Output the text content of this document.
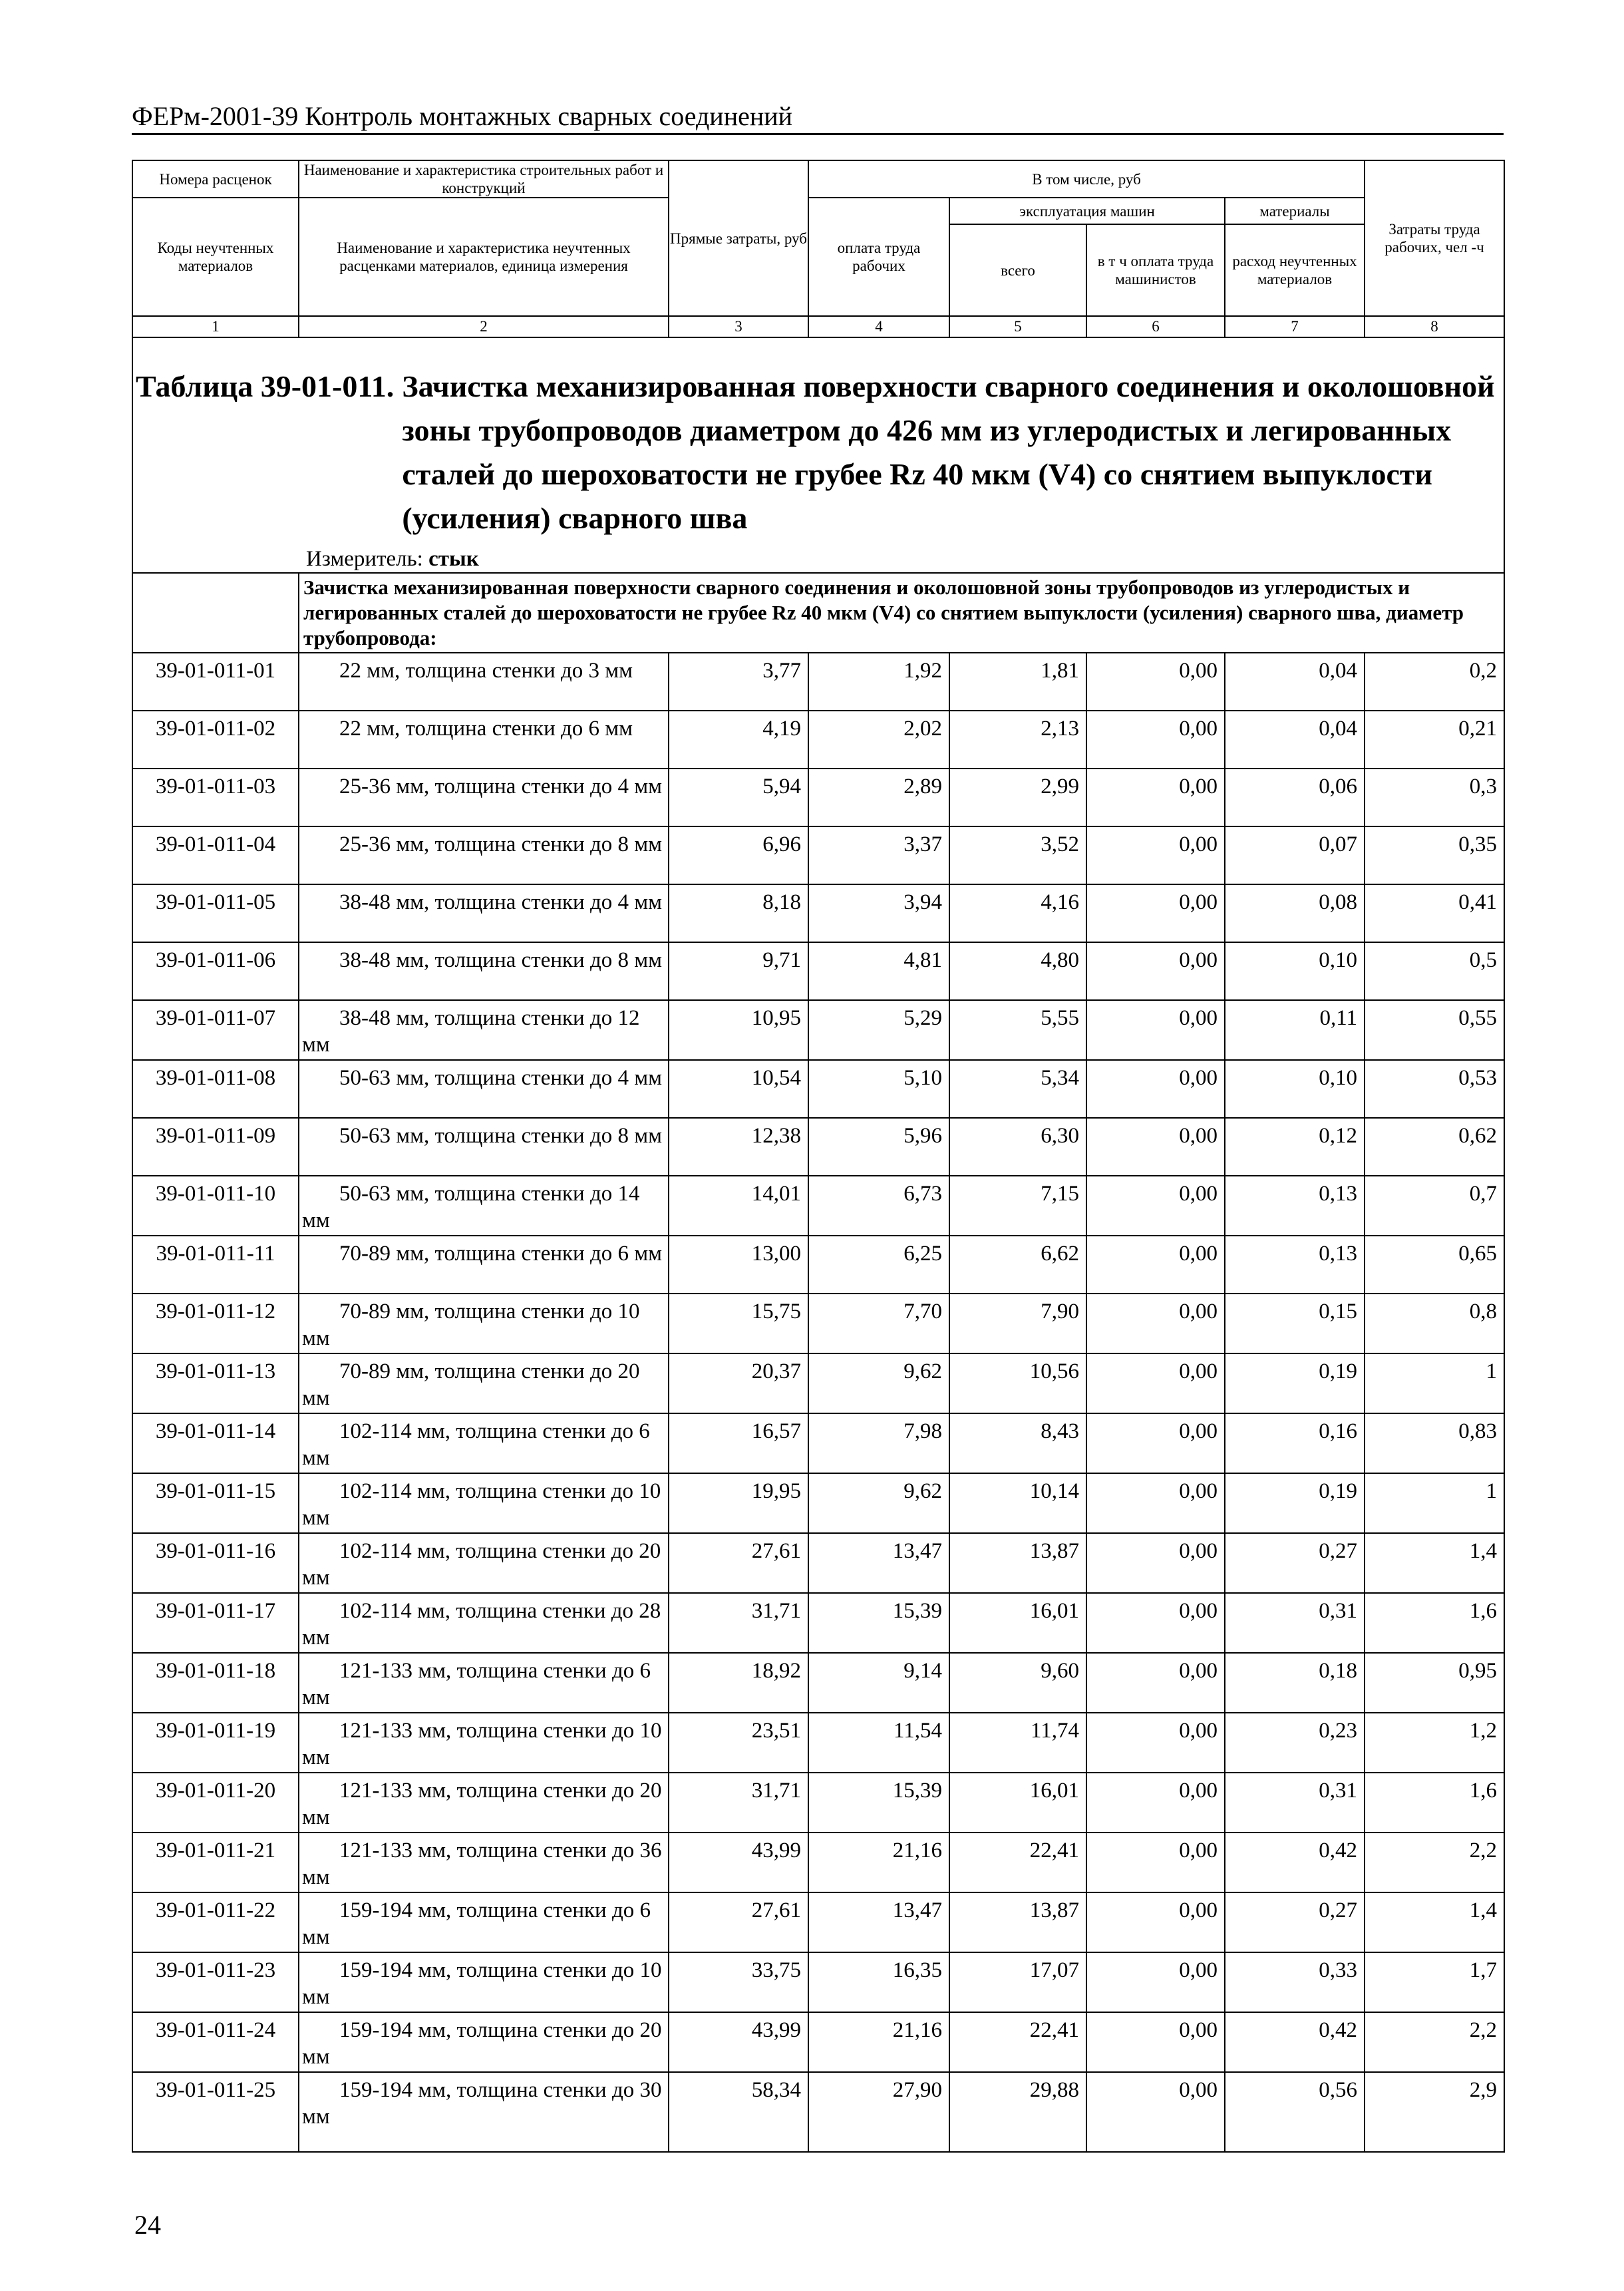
ФЕРм-2001-39 Контроль монтажных сварных соединений
Номера расценок	Наименование и характеристика строительных работ и конструкций	Прямые затраты, руб	В том числе, руб				Затраты труда рабочих, чел -ч
Коды неучтенных материалов	Наименование и характеристика неучтенных расценками материалов, единица измерения		оплата труда рабочих	эксплуатация машин		материалы	
				всего	в т ч оплата труда машинистов	расход неучтенных материалов	
1	2	3	4	5	6	7	8

Таблица 39-01-011. Зачистка механизированная поверхности сварного соединения и околошовной зоны трубопроводов диаметром до 426 мм из углеродистых и легированных сталей до шероховатости не грубее Rz 40 мкм (V4) со снятием выпуклости (усиления) сварного шва
Измеритель: стык							

	Зачистка механизированная поверхности сварного соединения и околошовной зоны трубопроводов из углеродистых и легированных сталей до шероховатости не грубее Rz 40 мкм (V4) со снятием выпуклости (усиления) сварного шва, диаметр трубопровода:						
39-01-011-01	22 мм, толщина стенки до 3 мм	3,77	1,92	1,81	0,00	0,04	0,2
39-01-011-02	22 мм, толщина стенки до 6 мм	4,19	2,02	2,13	0,00	0,04	0,21
39-01-011-03	25-36 мм, толщина стенки до 4 мм	5,94	2,89	2,99	0,00	0,06	0,3
39-01-011-04	25-36 мм, толщина стенки до 8 мм	6,96	3,37	3,52	0,00	0,07	0,35
39-01-011-05	38-48 мм, толщина стенки до 4 мм	8,18	3,94	4,16	0,00	0,08	0,41
39-01-011-06	38-48 мм, толщина стенки до 8 мм	9,71	4,81	4,80	0,00	0,10	0,5
39-01-011-07	38-48 мм, толщина стенки до 12 мм	10,95	5,29	5,55	0,00	0,11	0,55
39-01-011-08	50-63 мм, толщина стенки до 4 мм	10,54	5,10	5,34	0,00	0,10	0,53
39-01-011-09	50-63 мм, толщина стенки до 8 мм	12,38	5,96	6,30	0,00	0,12	0,62
39-01-011-10	50-63 мм, толщина стенки до 14 мм	14,01	6,73	7,15	0,00	0,13	0,7
39-01-011-11	70-89 мм, толщина стенки до 6 мм	13,00	6,25	6,62	0,00	0,13	0,65
39-01-011-12	70-89 мм, толщина стенки до 10 мм	15,75	7,70	7,90	0,00	0,15	0,8
39-01-011-13	70-89 мм, толщина стенки до 20 мм	20,37	9,62	10,56	0,00	0,19	1
39-01-011-14	102-114 мм, толщина стенки до 6 мм	16,57	7,98	8,43	0,00	0,16	0,83
39-01-011-15	102-114 мм, толщина стенки до 10 мм	19,95	9,62	10,14	0,00	0,19	1
39-01-011-16	102-114 мм, толщина стенки до 20 мм	27,61	13,47	13,87	0,00	0,27	1,4
39-01-011-17	102-114 мм, толщина стенки до 28 мм	31,71	15,39	16,01	0,00	0,31	1,6
39-01-011-18	121-133 мм, толщина стенки до 6 мм	18,92	9,14	9,60	0,00	0,18	0,95
39-01-011-19	121-133 мм, толщина стенки до 10 мм	23,51	11,54	11,74	0,00	0,23	1,2
39-01-011-20	121-133 мм, толщина стенки до 20 мм	31,71	15,39	16,01	0,00	0,31	1,6
39-01-011-21	121-133 мм, толщина стенки до 36 мм	43,99	21,16	22,41	0,00	0,42	2,2
39-01-011-22	159-194 мм, толщина стенки до 6 мм	27,61	13,47	13,87	0,00	0,27	1,4
39-01-011-23	159-194 мм, толщина стенки до 10 мм	33,75	16,35	17,07	0,00	0,33	1,7
39-01-011-24	159-194 мм, толщина стенки до 20 мм	43,99	21,16	22,41	0,00	0,42	2,2
39-01-011-25	159-194 мм, толщина стенки до 30 мм	58,34	27,90	29,88	0,00	0,56	2,9
24
